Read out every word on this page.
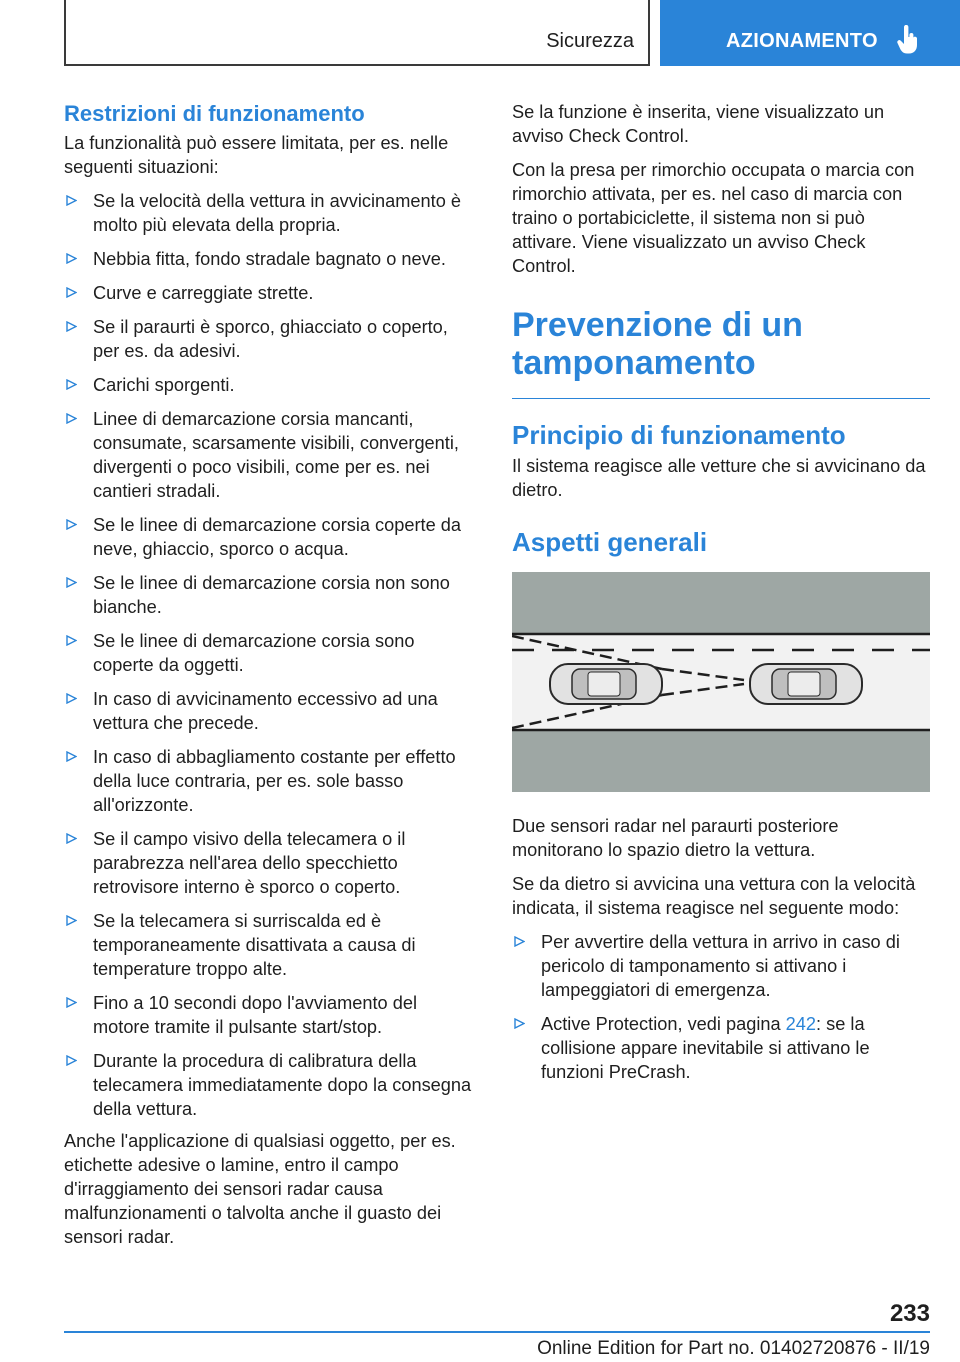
Sicurezza	AZIONAMENTO
Restrizioni di funzionamento

La funzionalità può essere limitata, per es. nelle seguenti situazioni:

Se la velocità della vettura in avvicinamento è molto più elevata della propria.
Nebbia fitta, fondo stradale bagnato o neve.
Curve e carreggiate strette.
Se il paraurti è sporco, ghiacciato o coperto, per es. da adesivi.
Carichi sporgenti.
Linee di demarcazione corsia mancanti, consumate, scarsamente visibili, convergenti, divergenti o poco visibili, come per es. nei cantieri stradali.
Se le linee di demarcazione corsia coperte da neve, ghiaccio, sporco o acqua.
Se le linee di demarcazione corsia non sono bianche.
Se le linee di demarcazione corsia sono coperte da oggetti.
In caso di avvicinamento eccessivo ad una vettura che precede.
In caso di abbagliamento costante per effetto della luce contraria, per es. sole basso all'orizzonte.
Se il campo visivo della telecamera o il parabrezza nell'area dello specchietto retrovisore interno è sporco o coperto.
Se la telecamera si surriscalda ed è temporaneamente disattivata a causa di temperature troppo alte.
Fino a 10 secondi dopo l'avviamento del motore tramite il pulsante start/stop.
Durante la procedura di calibratura della telecamera immediatamente dopo la consegna della vettura.

Anche l'applicazione di qualsiasi oggetto, per es. etichette adesive o lamine, entro il campo d'irraggiamento dei sensori radar causa malfunzionamenti o talvolta anche il guasto dei sensori radar.

Se la funzione è inserita, viene visualizzato un avviso Check Control.

Con la presa per rimorchio occupata o marcia con rimorchio attivata, per es. nel caso di marcia con traino o portabiciclette, il sistema non si può attivare. Viene visualizzato un avviso Check Control.

Prevenzione di un tamponamento
Principio di funzionamento

Il sistema reagisce alle vetture che si avvicinano da dietro.

Aspetti generali

Due sensori radar nel paraurti posteriore monitorano lo spazio dietro la vettura.

Se da dietro si avvicina una vettura con la velocità indicata, il sistema reagisce nel seguente modo:

Per avvertire della vettura in arrivo in caso di pericolo di tamponamento si attivano i lampeggiatori di emergenza.
Active Protection, vedi pagina 242: se la collisione appare inevitabile si attivano le funzioni PreCrash.
233
Online Edition for Part no. 01402720876 - II/19
